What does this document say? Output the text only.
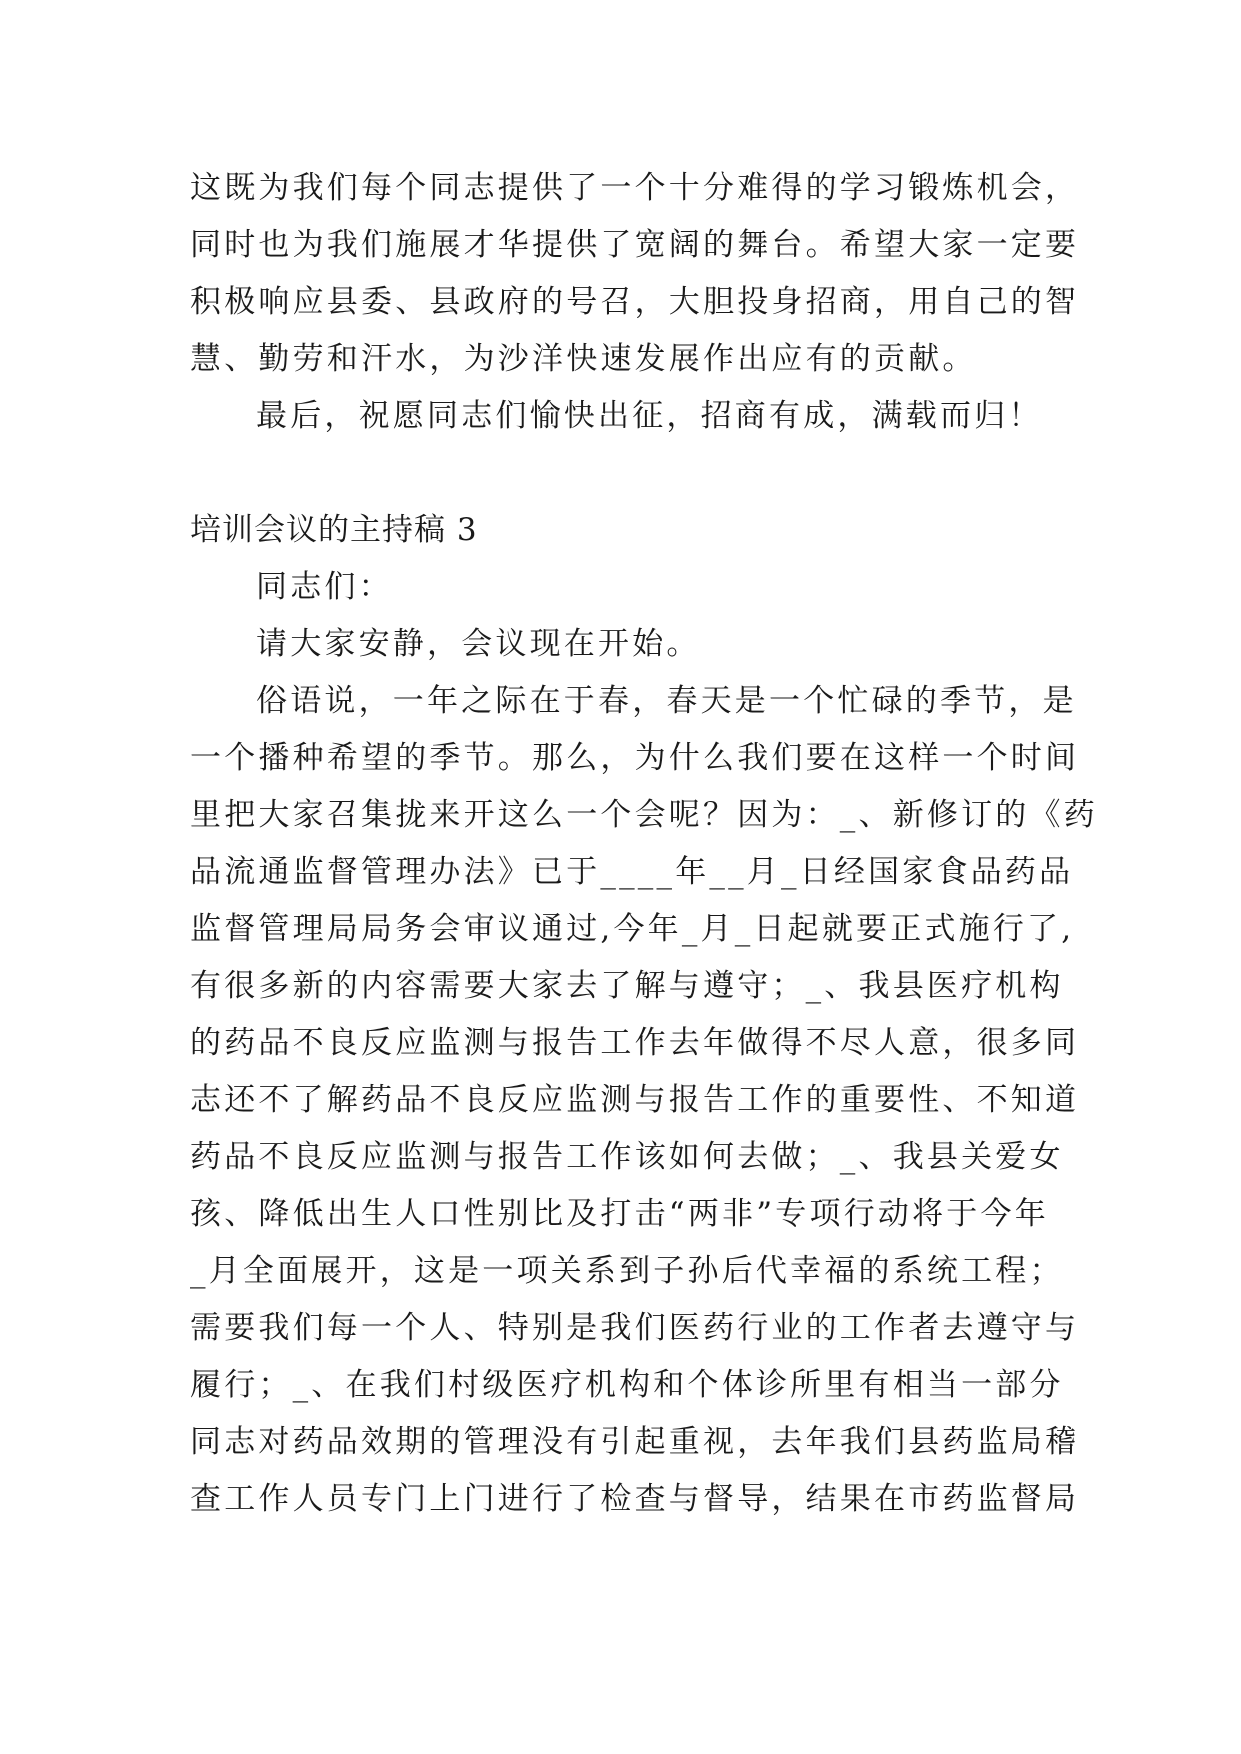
这既为我们每个同志提供了一个十分难得的学习锻炼机会，
同时也为我们施展才华提供了宽阔的舞台。希望大家一定要
积极响应县委、县政府的号召，大胆投身招商，用自己的智
慧、勤劳和汗水，为沙洋快速发展作出应有的贡献。
最后，祝愿同志们愉快出征，招商有成，满载而归！
培训会议的主持稿 3
同志们：
请大家安静，会议现在开始。
俗语说，一年之际在于春，春天是一个忙碌的季节，是
一个播种希望的季节。那么，为什么我们要在这样一个时间
里把大家召集拢来开这么一个会呢？因为：_、新修订的《药
品流通监督管理办法》已于____年__月_日经国家食品药品
监督管理局局务会审议通过,今年_月_日起就要正式施行了,
有很多新的内容需要大家去了解与遵守；_、我县医疗机构
的药品不良反应监测与报告工作去年做得不尽人意，很多同
志还不了解药品不良反应监测与报告工作的重要性、不知道
药品不良反应监测与报告工作该如何去做；_、我县关爱女
孩、降低出生人口性别比及打击“两非”专项行动将于今年
_月全面展开，这是一项关系到子孙后代幸福的系统工程；
需要我们每一个人、特别是我们医药行业的工作者去遵守与
履行；_、在我们村级医疗机构和个体诊所里有相当一部分
同志对药品效期的管理没有引起重视，去年我们县药监局稽
查工作人员专门上门进行了检查与督导，结果在市药监督局
